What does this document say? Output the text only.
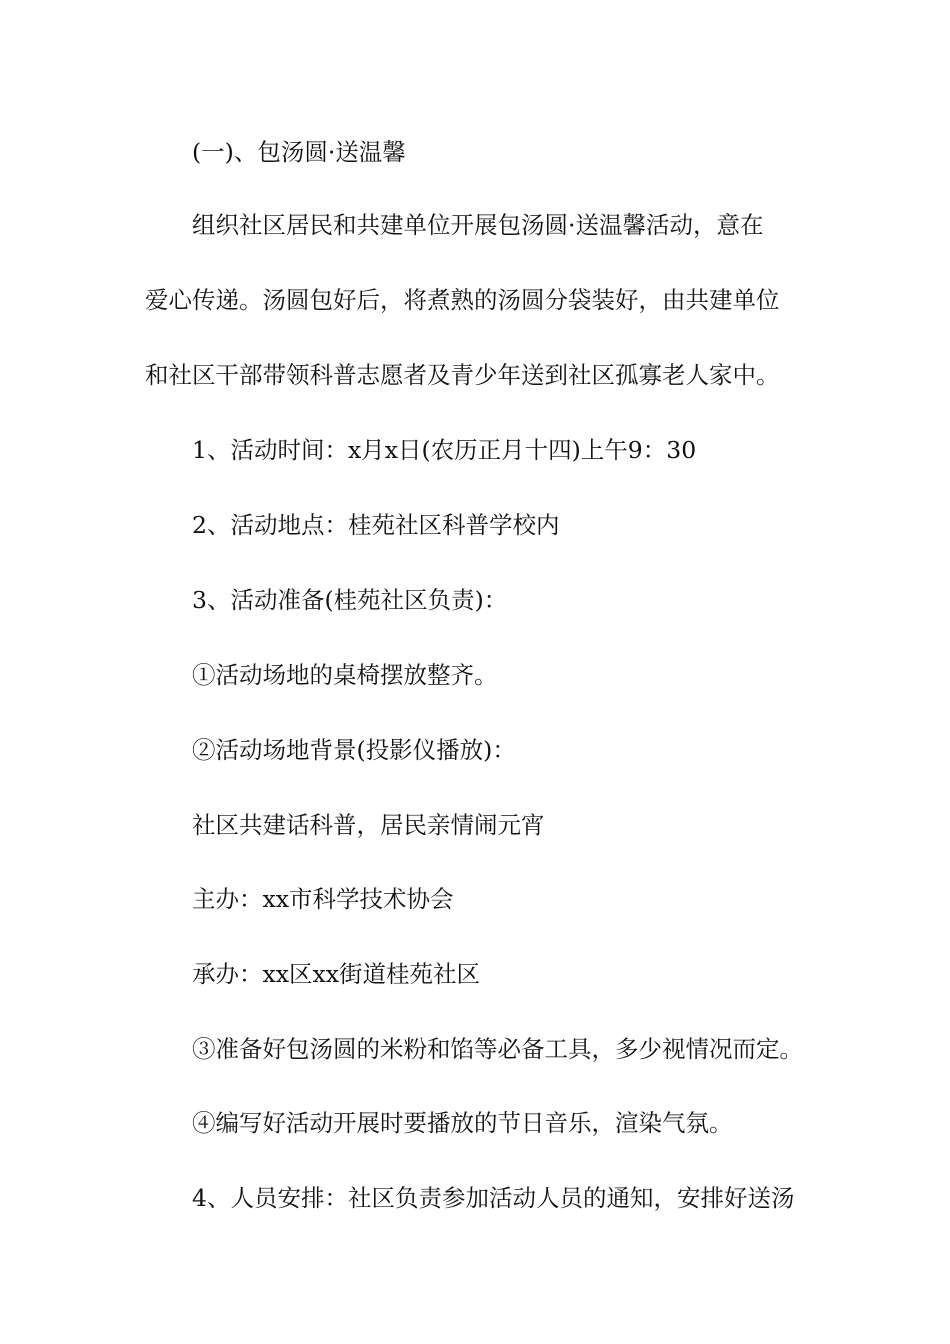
(一)、包汤圆·送温馨
组织社区居民和共建单位开展包汤圆·送温馨活动，意在
爱心传递。汤圆包好后，将煮熟的汤圆分袋装好，由共建单位
和社区干部带领科普志愿者及青少年送到社区孤寡老人家中。
1、活动时间：x月x日(农历正月十四)上午9：30
2、活动地点：桂苑社区科普学校内
3、活动准备(桂苑社区负责)：
①活动场地的桌椅摆放整齐。
②活动场地背景(投影仪播放)：
社区共建话科普，居民亲情闹元宵
主办：xx市科学技术协会
承办：xx区xx街道桂苑社区
③准备好包汤圆的米粉和馅等必备工具，多少视情况而定。
④编写好活动开展时要播放的节日音乐，渲染气氛。
4、人员安排：社区负责参加活动人员的通知，安排好送汤
